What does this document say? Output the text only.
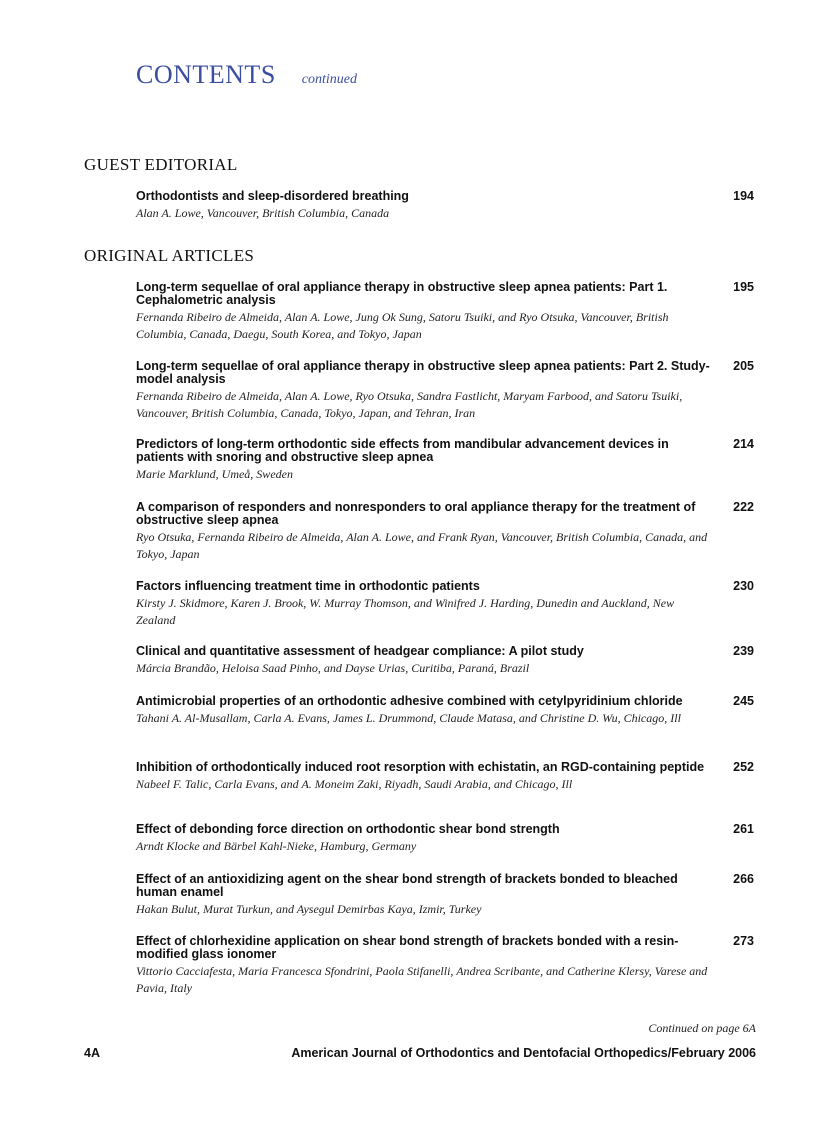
CONTENTS continued
GUEST EDITORIAL
Orthodontists and sleep-disordered breathing
Alan A. Lowe, Vancouver, British Columbia, Canada
194
ORIGINAL ARTICLES
Long-term sequellae of oral appliance therapy in obstructive sleep apnea patients: Part 1. Cephalometric analysis
Fernanda Ribeiro de Almeida, Alan A. Lowe, Jung Ok Sung, Satoru Tsuiki, and Ryo Otsuka, Vancouver, British Columbia, Canada, Daegu, South Korea, and Tokyo, Japan
195
Long-term sequellae of oral appliance therapy in obstructive sleep apnea patients: Part 2. Study-model analysis
Fernanda Ribeiro de Almeida, Alan A. Lowe, Ryo Otsuka, Sandra Fastlicht, Maryam Farbood, and Satoru Tsuiki, Vancouver, British Columbia, Canada, Tokyo, Japan, and Tehran, Iran
205
Predictors of long-term orthodontic side effects from mandibular advancement devices in patients with snoring and obstructive sleep apnea
Marie Marklund, Umeå, Sweden
214
A comparison of responders and nonresponders to oral appliance therapy for the treatment of obstructive sleep apnea
Ryo Otsuka, Fernanda Ribeiro de Almeida, Alan A. Lowe, and Frank Ryan, Vancouver, British Columbia, Canada, and Tokyo, Japan
222
Factors influencing treatment time in orthodontic patients
Kirsty J. Skidmore, Karen J. Brook, W. Murray Thomson, and Winifred J. Harding, Dunedin and Auckland, New Zealand
230
Clinical and quantitative assessment of headgear compliance: A pilot study
Márcia Brandão, Heloisa Saad Pinho, and Dayse Urias, Curitiba, Paraná, Brazil
239
Antimicrobial properties of an orthodontic adhesive combined with cetylpyridinium chloride
Tahani A. Al-Musallam, Carla A. Evans, James L. Drummond, Claude Matasa, and Christine D. Wu, Chicago, Ill
245
Inhibition of orthodontically induced root resorption with echistatin, an RGD-containing peptide
Nabeel F. Talic, Carla Evans, and A. Moneim Zaki, Riyadh, Saudi Arabia, and Chicago, Ill
252
Effect of debonding force direction on orthodontic shear bond strength
Arndt Klocke and Bärbel Kahl-Nieke, Hamburg, Germany
261
Effect of an antioxidizing agent on the shear bond strength of brackets bonded to bleached human enamel
Hakan Bulut, Murat Turkun, and Aysegul Demirbas Kaya, Izmir, Turkey
266
Effect of chlorhexidine application on shear bond strength of brackets bonded with a resin-modified glass ionomer
Vittorio Cacciafesta, Maria Francesca Sfondrini, Paola Stifanelli, Andrea Scribante, and Catherine Klersy, Varese and Pavia, Italy
273
Continued on page 6A
4A	American Journal of Orthodontics and Dentofacial Orthopedics/February 2006
